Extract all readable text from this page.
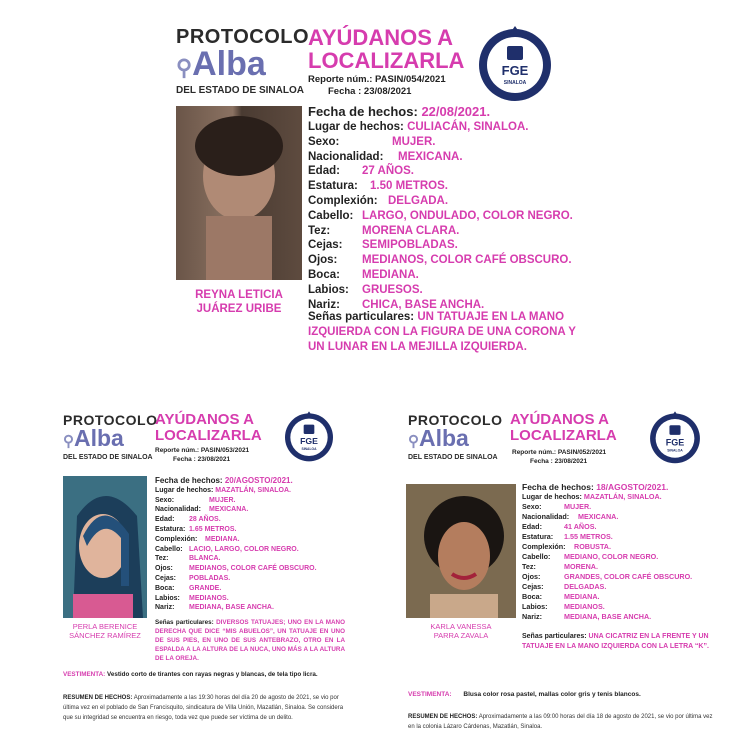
PROTOCOLO
⚲Alba
DEL ESTADO DE SINALOA
AYÚDANOS A
LOCALIZARLA
Reporte núm.: PASIN/054/2021
Fecha : 23/08/2021
FGE
SINALOA
REYNA LETICIA
JUÁREZ URIBE
Fecha de hechos: 22/08/2021.
Lugar de hechos: CULIACÁN, SINALOA.
Sexo:	MUJER.
Nacionalidad: MEXICANA.
Edad: 27 AÑOS.
Estatura: 1.50 METROS.
Complexión: DELGADA.
Cabello: LARGO, ONDULADO, COLOR NEGRO.
Tez:	MORENA CLARA.
Cejas: SEMIPOBLADAS.
Ojos: MEDIANOS, COLOR CAFÉ OBSCURO.
Boca: MEDIANA.
Labios: GRUESOS.
Nariz: CHICA, BASE ANCHA.
Señas particulares: UN TATUAJE EN LA MANO IZQUIERDA CON LA FIGURA DE UNA CORONA Y UN LUNAR EN LA MEJILLA IZQUIERDA.
PROTOCOLO
⚲Alba
DEL ESTADO DE SINALOA
AYÚDANOS A
LOCALIZARLA
Reporte núm.: PASIN/053/2021
Fecha : 23/08/2021
FGE
SINALOA
PERLA BERENICE
SÁNCHEZ RAMÍREZ
Fecha de hechos: 20/AGOSTO/2021.
Lugar de hechos: MAZATLÁN, SINALOA.
Sexo:	MUJER.
Nacionalidad: MEXICANA.
Edad: 28 AÑOS.
Estatura: 1.65 METROS.
Complexión: MEDIANA.
Cabello: LACIO, LARGO, COLOR NEGRO.
Tez:	BLANCA.
Ojos: MEDIANOS, COLOR CAFÉ OBSCURO.
Cejas: POBLADAS.
Boca: GRANDE.
Labios: MEDIANOS.
Nariz: MEDIANA, BASE ANCHA.
Señas particulares: DIVERSOS TATUAJES; UNO EN LA MANO DERECHA QUE DICE “MIS ABUELOS”, UN TATUAJE EN UNO DE SUS PIES, EN UNO DE SUS ANTEBRAZO, OTRO EN LA ESPALDA A LA ALTURA DE LA NUCA, UNO MÁS A LA ALTURA DE LA OREJA.
VESTIMENTA: Vestido corto de tirantes con rayas negras y blancas, de tela tipo licra.
RESUMEN DE HECHOS: Aproximadamente a las 19:30 horas del día 20 de agosto de 2021, se vio por última vez en el poblado de San Francisquito, sindicatura de Villa Unión, Mazatlán, Sinaloa. Se considera que su integridad se encuentra en riesgo, toda vez que puede ser víctima de un delito.
PROTOCOLO
⚲Alba
DEL ESTADO DE SINALOA
AYÚDANOS A
LOCALIZARLA
Reporte núm.: PASIN/052/2021
Fecha : 23/08/2021
FGE
SINALOA
KARLA VANESSA
PARRA ZAVALA
Fecha de hechos: 18/AGOSTO/2021.
Lugar de hechos: MAZATLÁN, SINALOA.
Sexo:	MUJER.
Nacionalidad: MEXICANA.
Edad:	41 AÑOS.
Estatura: 1.55 METROS.
Complexión: ROBUSTA.
Cabello: MEDIANO, COLOR NEGRO.
Tez:	MORENA.
Ojos:	GRANDES, COLOR CAFÉ OBSCURO.
Cejas:	DELGADAS.
Boca:	MEDIANA.
Labios: MEDIANOS.
Nariz:	MEDIANA, BASE ANCHA.
Señas particulares: UNA CICATRIZ EN LA FRENTE Y UN TATUAJE EN LA MANO IZQUIERDA CON LA LETRA “K”.
VESTIMENTA: Blusa color rosa pastel, mallas color gris y tenis blancos.
RESUMEN DE HECHOS: Aproximadamente a las 09:00 horas del día 18 de agosto de 2021, se vio por última vez en la colonia Lázaro Cárdenas, Mazatlán, Sinaloa.
